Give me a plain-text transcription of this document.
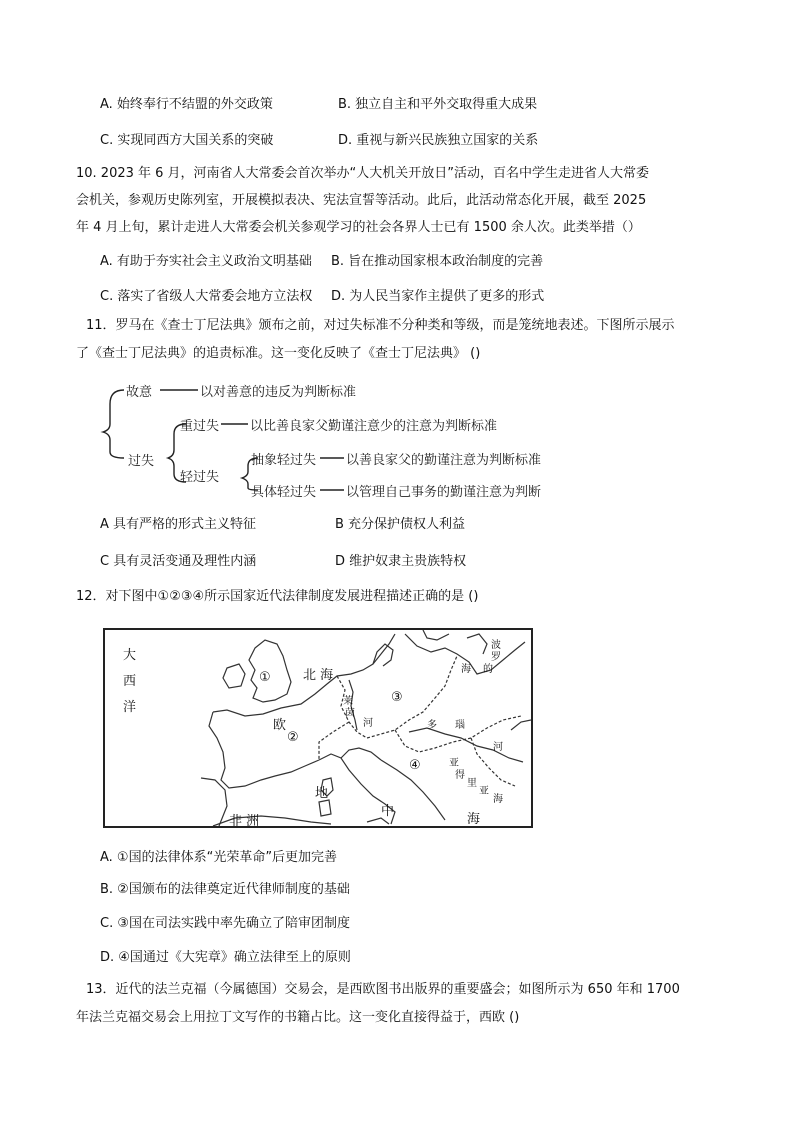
A. 始终奉行不结盟的外交政策	B. 独立自主和平外交取得重大成果
C. 实现同西方大国关系的突破	D. 重视与新兴民族独立国家的关系
10. 2023 年 6 月，河南省人大常委会首次举办“人大机关开放日”活动，百名中学生走进省人大常委
会机关，参观历史陈列室，开展模拟表决、宪法宣誓等活动。此后，此活动常态化开展，截至 2025
年 4 月上旬，累计走进人大常委会机关参观学习的社会各界人士已有 1500 余人次。此类举措（）
A. 有助于夯实社会主义政治文明基础 B. 旨在推动国家根本政治制度的完善
C. 落实了省级人大常委会地方立法权 D. 为人民当家作主提供了更多的形式
11．罗马在《查士丁尼法典》颁布之前，对过失标准不分种类和等级，而是笼统地表述。下图所示展示
了《查士丁尼法典》的追责标准。这一变化反映了《查士丁尼法典》 ()
故意	以对善意的违反为判断标准
过失
重过失 以比善良家父勤谨注意少的注意为判断标准
轻过失
抽象轻过失 以善良家父的勤谨注意为判断标准
具体轻过失 以管理自己事务的勤谨注意为判断
A 具有严格的形式主义特征	B 充分保护债权人利益
C 具有灵活变通及理性内涵	D 维护奴隶主贵族特权
12．对下图中①②③④所示国家近代法律制度发展进程描述正确的是 ()
大
西
洋
北 海
波
罗
的
海
莱
茵
河
欧	多 瑙
河
亚
得
里
亚
海
地
中
海
非 洲
①
②
③
④
A. ①国的法律体系“光荣革命”后更加完善
B. ②国颁布的法律奠定近代律师制度的基础
C. ③国在司法实践中率先确立了陪审团制度
D. ④国通过《大宪章》确立法律至上的原则
13．近代的法兰克福（今属德国）交易会，是西欧图书出版界的重要盛会；如图所示为 650 年和 1700
年法兰克福交易会上用拉丁文写作的书籍占比。这一变化直接得益于，西欧 ()
